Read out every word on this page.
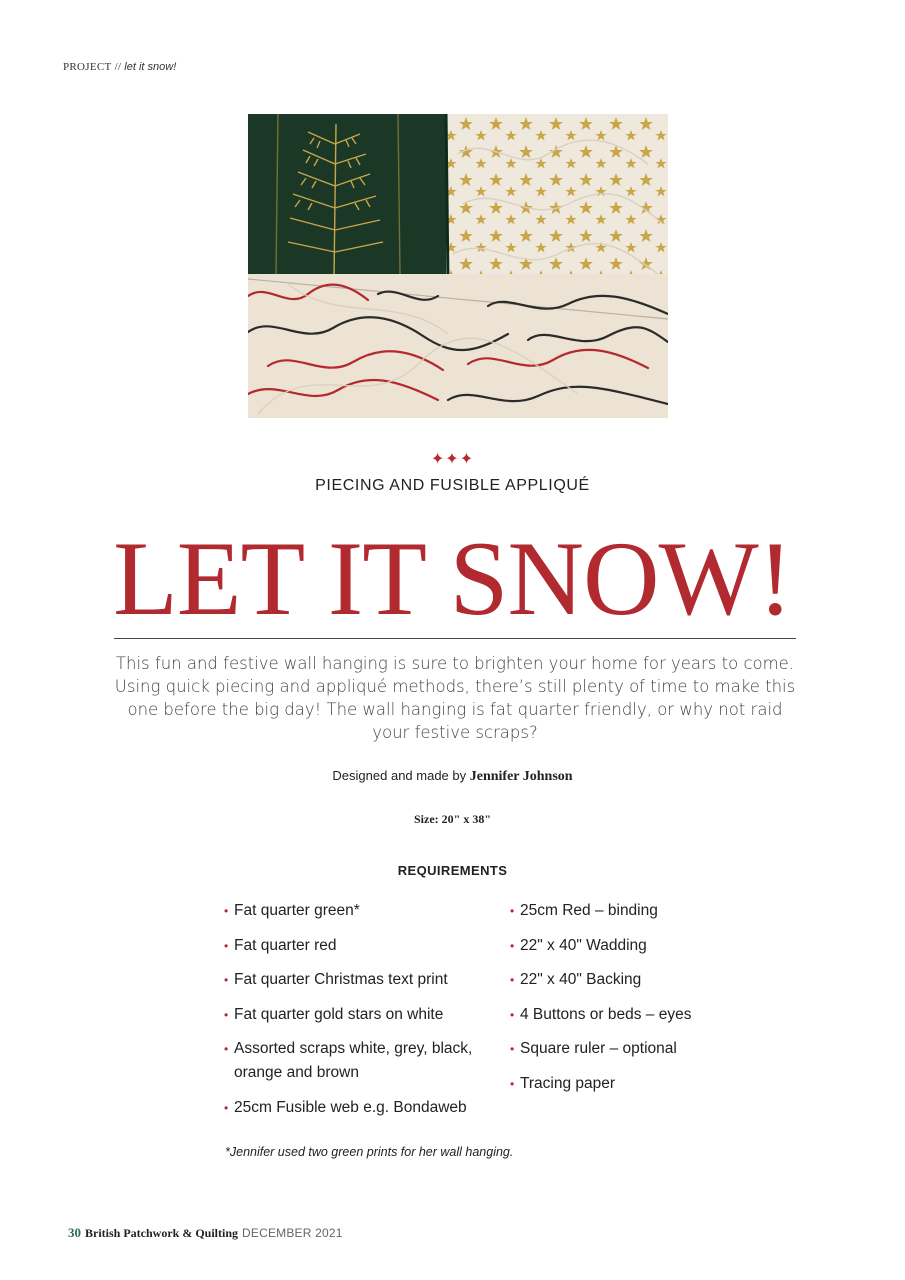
PROJECT // let it snow!
✦✦✦
PIECING AND FUSIBLE APPLIQUÉ
LET IT SNOW!
This fun and festive wall hanging is sure to brighten your home for years to come. Using quick piecing and appliqué methods, there’s still plenty of time to make this one before the big day! The wall hanging is fat quarter friendly, or why not raid your festive scraps?
Designed and made by Jennifer Johnson
Size: 20" x 38"
REQUIREMENTS
• Fat quarter green*
• Fat quarter red
• Fat quarter Christmas text print
• Fat quarter gold stars on white
• Assorted scraps white, grey, black, orange and brown
• 25cm Fusible web e.g. Bondaweb
• 25cm Red – binding
• 22" x 40" Wadding
• 22" x 40" Backing
• 4 Buttons or beds – eyes
• Square ruler – optional
• Tracing paper
*Jennifer used two green prints for her wall hanging.
30 British Patchwork & Quilting DECEMBER 2021
